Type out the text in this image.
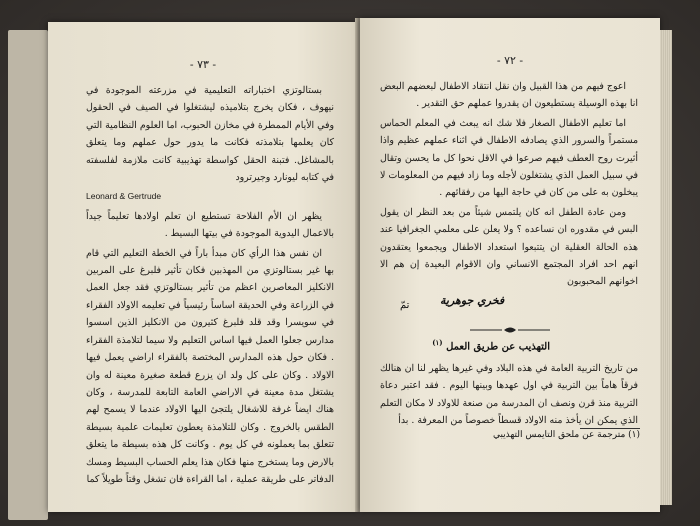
- ٧٣ -

بستالوتزي اختباراته التعليمية في مزرعته الموجودة في نيهوف ، فكان يخرج بتلاميذه ليشتغلوا في الصيف في الحقول وفي الأيام الممطرة في مخازن الحبوب، اما العلوم النظامية التي كان يعلمها بتلامذته فكانت ما يدور حول عملهم وما يتعلق بالمشاغل. فتبنة الحقل كواسطة تهذيبية كانت ملازمة لفلسفته في كتابه ليونارد وجيرترود

Leonard & Gertrude

يظهر ان الأم الفلاحة تستطيع ان تعلم اولادها تعليماً جيداً بالاعمال اليدوية الموجودة في بيتها البسيط .

ان نفس هذا الرأي كان مبدأ باراً في الخطة التعليم التي قام بها غير بستالوتزي من المهذبين فكان تأثير فلبرغ على المربين الانكليز المعاصرين اعظم من تأثير بستالوتزي فقد جعل العمل في الزراعة وفي الحديقة اساساً رئيسياً في تعليمه الاولاد الفقراء في سويسرا وقد قلد فلبرغ كثيرون من الانكليز الذين اسسوا مدارس جعلوا العمل فيها اساس التعليم ولا سيما لتلامذة الفقراء . فكان حول هذه المدارس المختصة بالفقراء اراضي يعمل فيها الاولاد . وكان على كل ولد ان يزرع قطعة صغيرة معينة له وان يشتغل مدة معينة في الاراضي العامة التابعة للمدرسة ، وكان هناك ايضاً غرفة للاشغال يلتجئ اليها الاولاد عندما لا يسمح لهم الطقس بالخروج . وكان للتلامذة يعطون تعليمات علمية بسيطة تتعلق بما يعملونه في كل يوم . وكانت كل هذه بسيطة ما يتعلق بالارض وما يستخرج منها فكان هذا يعلم الحساب البسيط ومسك الدفاتر على طريقة عملية ، اما القراءة فان تشغل وقتاً طويلاً كما

- ٧٢ -

اعوج فيهم من هذا القبيل وان نقل انتقاد الاطفال لبعضهم البعض انا بهذه الوسيلة يستطيعون ان يقدروا عملهم حق التقدير .

اما تعليم الاطفال الصغار فلا شك انه يبعث في المعلم الحماس مستمراً والسرور الذي يصادفه الاطفال في اثناء عملهم عظيم واذا أثيرت روح العطف فيهم صرعوا في الاقل نحوا كل ما يحسن وتقال في سبيل العمل الذي يشتغلون لأجله وما زاد فيهم من المعلومات لا يبخلون به على من كان في حاجة اليها من رفقائهم .

ومن عادة الطفل انه كان يلتمس شيئاً من بعد النظر ان يقول البس في مقدوره ان نساعده ؟ ولا يعلن على معلمي الجغرافيا عند هذه الحالة العقلية ان يتتبعوا استعداد الاطفال ويجمعوا يعتقدون انهم احد افراد المجتمع الانساني وان الاقوام البعيدة إن هم الا اخوانهم المحبوبون

تمّ	فخري جوهرية
التهذيب عن طريق العمل $^{(١)}$
من تاريخ التربية العامة في هذه البلاد وفي غيرها يظهر لنا ان هنالك فرقاً هاماً بين التربية في اول عهدها وبينها اليوم . فقد اعتبر دعاة التربية منذ قرن ونصف ان المدرسة من صنعة للاولاد لا مكان التعلم الذي يمكن ان يأخذ منه الاولاد قسطاً خصوصاً من المعرفة . بدأ
(١) مترجمة عن ملحق التايمس التهذيبي
